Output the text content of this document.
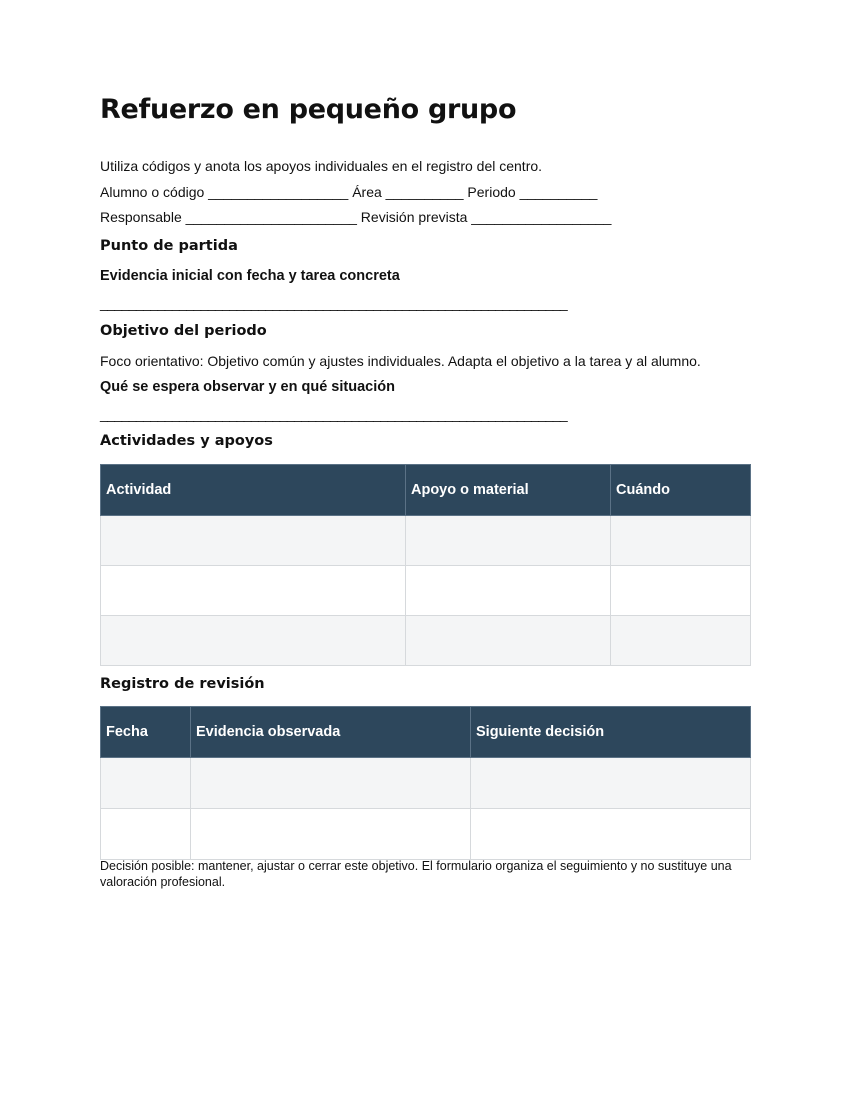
Refuerzo en pequeño grupo
Utiliza códigos y anota los apoyos individuales en el registro del centro.
Alumno o código __________________ Área __________ Periodo __________
Responsable ______________________ Revisión prevista __________________
Punto de partida
Evidencia inicial con fecha y tarea concreta
_________________________________________________________________
Objetivo del periodo
Foco orientativo: Objetivo común y ajustes individuales. Adapta el objetivo a la tarea y al alumno.
Qué se espera observar y en qué situación
_________________________________________________________________
Actividades y apoyos
Actividad	Apoyo o material	Cuándo

Registro de revisión
Fecha	Evidencia observada	Siguiente decisión

Decisión posible: mantener, ajustar o cerrar este objetivo. El formulario organiza el seguimiento y no sustituye una valoración profesional.
